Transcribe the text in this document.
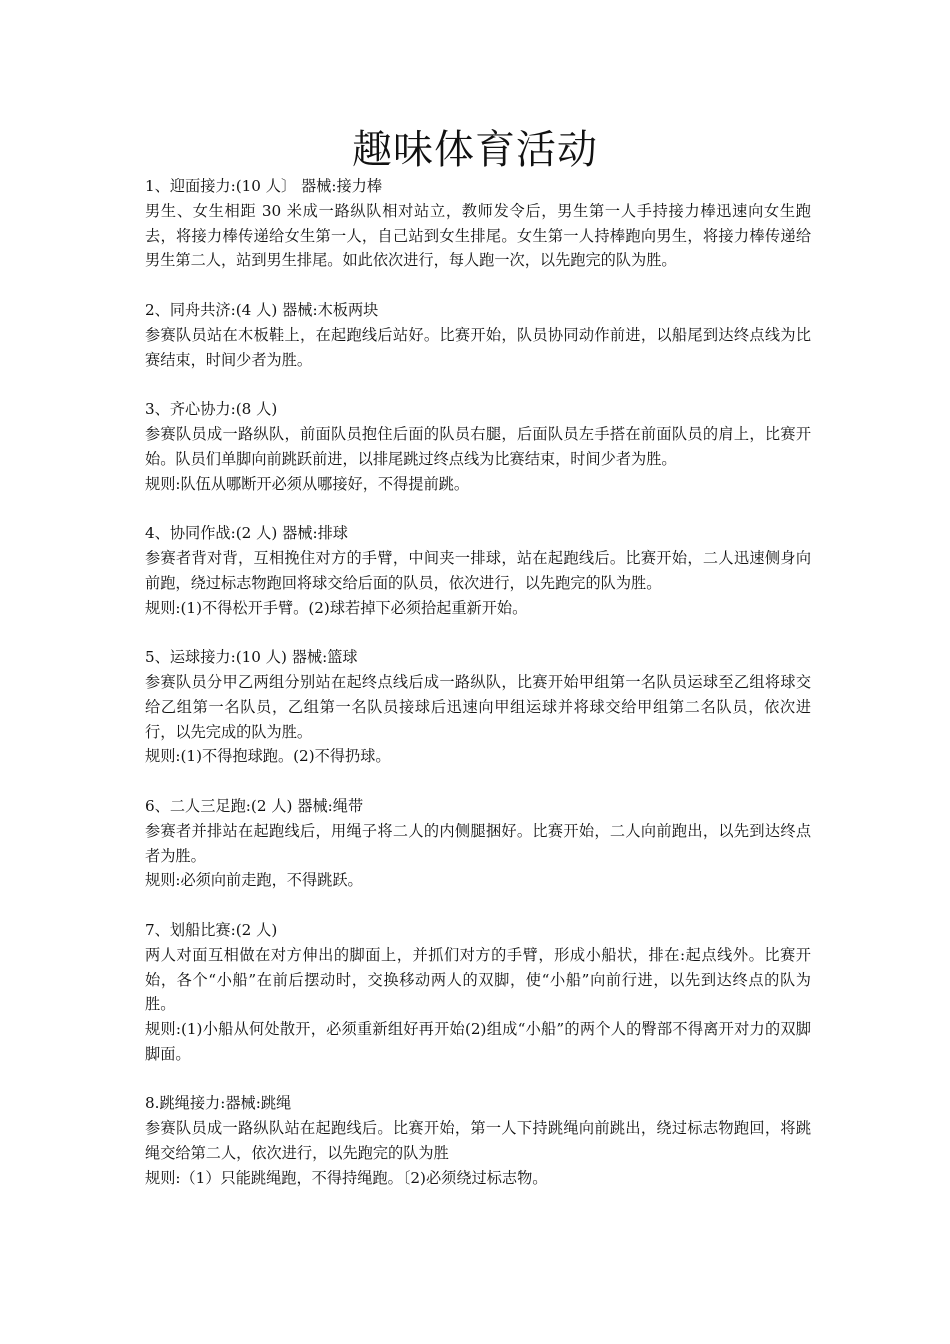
趣味体育活动
1、迎面接力:(10 人〕 器械:接力棒
男生、女生相距 30 米成一路纵队相对站立，教师发令后，男生第一人手持接力棒迅速向女生跑去，将接力棒传递给女生第一人，自己站到女生排尾。女生第一人持棒跑向男生，将接力棒传递给男生第二人，站到男生排尾。如此依次进行，每人跑一次，以先跑完的队为胜。
2、同舟共济:(4 人) 器械:木板两块
参赛队员站在木板鞋上，在起跑线后站好。比赛开始，队员协同动作前进，以船尾到达终点线为比赛结束，时间少者为胜。
3、齐心协力:(8 人)
参赛队员成一路纵队，前面队员抱住后面的队员右腿，后面队员左手搭在前面队员的肩上，比赛开始。队员们单脚向前跳跃前进，以排尾跳过终点线为比赛结束，时间少者为胜。
规则:队伍从哪断开必须从哪接好，不得提前跳。
4、协同作战:(2 人) 器械:排球
参赛者背对背，互相挽住对方的手臂，中间夹一排球，站在起跑线后。比赛开始，二人迅速侧身向前跑，绕过标志物跑回将球交给后面的队员，依次进行，以先跑完的队为胜。
规则:(1)不得松开手臂。(2)球若掉下必须拾起重新开始。
5、运球接力:(10 人) 器械:篮球
参赛队员分甲乙两组分别站在起终点线后成一路纵队，比赛开始甲组第一名队员运球至乙组将球交给乙组第一名队员，乙组第一名队员接球后迅速向甲组运球并将球交给甲组第二名队员，依次进行，以先完成的队为胜。
规则:(1)不得抱球跑。(2)不得扔球。
6、二人三足跑:(2 人) 器械:绳带
参赛者并排站在起跑线后，用绳子将二人的内侧腿捆好。比赛开始，二人向前跑出，以先到达终点者为胜。
规则:必须向前走跑，不得跳跃。
7、划船比赛:(2 人)
两人对面互相做在对方伸出的脚面上，并抓们对方的手臂，形成小船状，排在:起点线外。比赛开始，各个“小船”在前后摆动时，交换移动两人的双脚，使“小船”向前行进，以先到达终点的队为胜。
规则:(1)小船从何处散开，必须重新组好再开始(2)组成“小船”的两个人的臀部不得离开对力的双脚脚面。
8.跳绳接力:器械:跳绳
参赛队员成一路纵队站在起跑线后。比赛开始，第一人下持跳绳向前跳出，绕过标志物跑回，将跳绳交给第二人，依次进行，以先跑完的队为胜
规则:（1）只能跳绳跑，不得持绳跑。〔2)必须绕过标志物。
